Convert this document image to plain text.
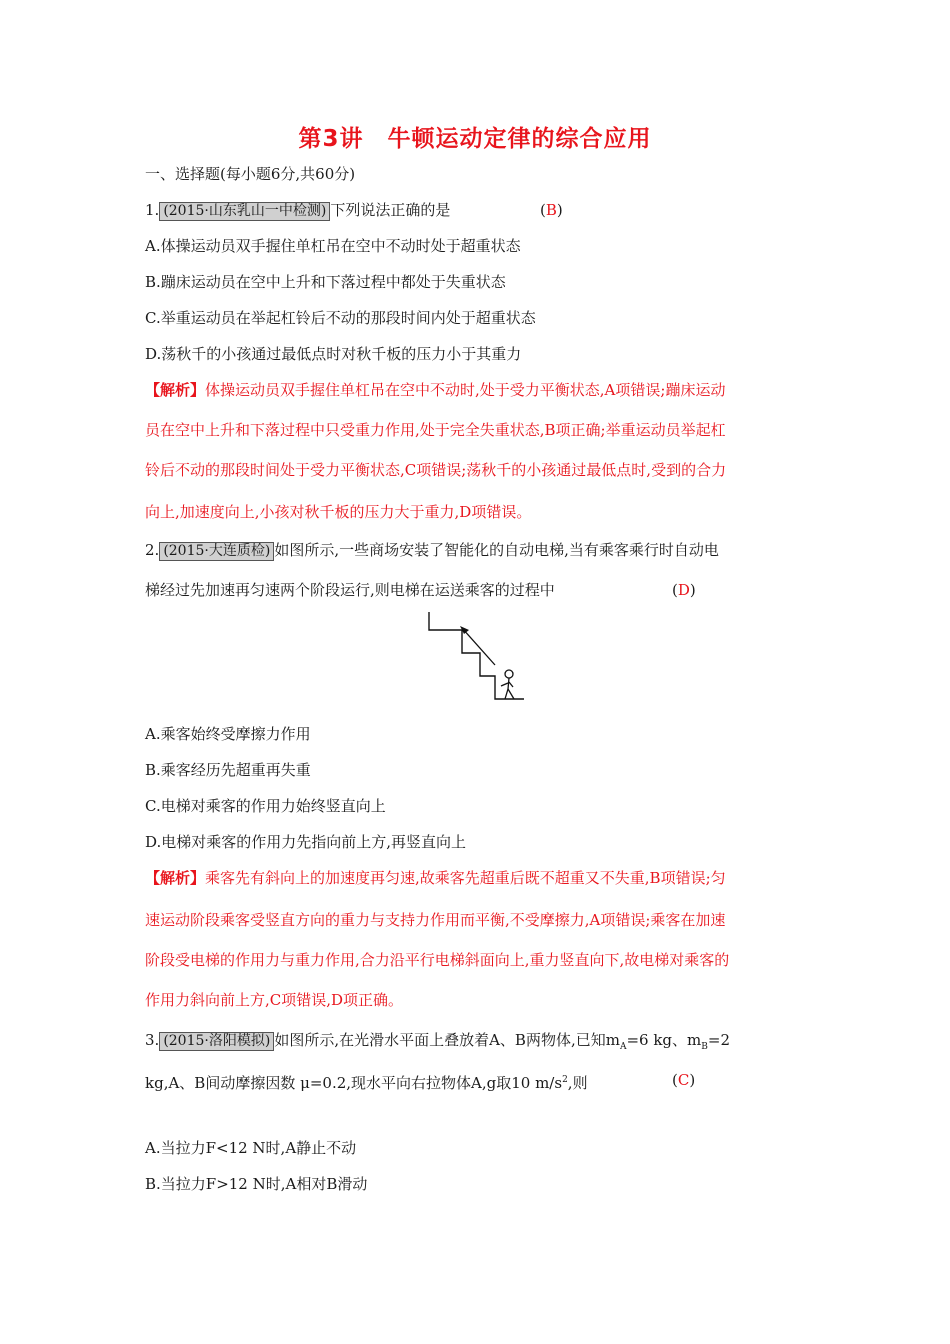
第3讲　牛顿运动定律的综合应用
一、选择题(每小题6分,共60分)
1. (2015·山东乳山一中检测) 下列说法正确的是	(B)
A.体操运动员双手握住单杠吊在空中不动时处于超重状态
B.蹦床运动员在空中上升和下落过程中都处于失重状态
C.举重运动员在举起杠铃后不动的那段时间内处于超重状态
D.荡秋千的小孩通过最低点时对秋千板的压力小于其重力
【解析】体操运动员双手握住单杠吊在空中不动时,处于受力平衡状态,A项错误;蹦床运动
员在空中上升和下落过程中只受重力作用,处于完全失重状态,B项正确;举重运动员举起杠
铃后不动的那段时间处于受力平衡状态,C项错误;荡秋千的小孩通过最低点时,受到的合力
向上,加速度向上,小孩对秋千板的压力大于重力,D项错误。
2. (2015·大连质检) 如图所示,一些商场安装了智能化的自动电梯,当有乘客乘行时自动电
梯经过先加速再匀速两个阶段运行,则电梯在运送乘客的过程中	(D)
A.乘客始终受摩擦力作用
B.乘客经历先超重再失重
C.电梯对乘客的作用力始终竖直向上
D.电梯对乘客的作用力先指向前上方,再竖直向上
【解析】乘客先有斜向上的加速度再匀速,故乘客先超重后既不超重又不失重,B项错误;匀
速运动阶段乘客受竖直方向的重力与支持力作用而平衡,不受摩擦力,A项错误;乘客在加速
阶段受电梯的作用力与重力作用,合力沿平行电梯斜面向上,重力竖直向下,故电梯对乘客的
作用力斜向前上方,C项错误,D项正确。
3. (2015·洛阳模拟) 如图所示,在光滑水平面上叠放着A、B两物体,已知$m_A=6$ kg、$m_B=2$
kg,A、B间动摩擦因数 μ=0.2,现水平向右拉物体A,g取10 $m/s^2$,则	(C)
A.当拉力F<12 N时,A静止不动
B.当拉力F>12 N时,A相对B滑动
